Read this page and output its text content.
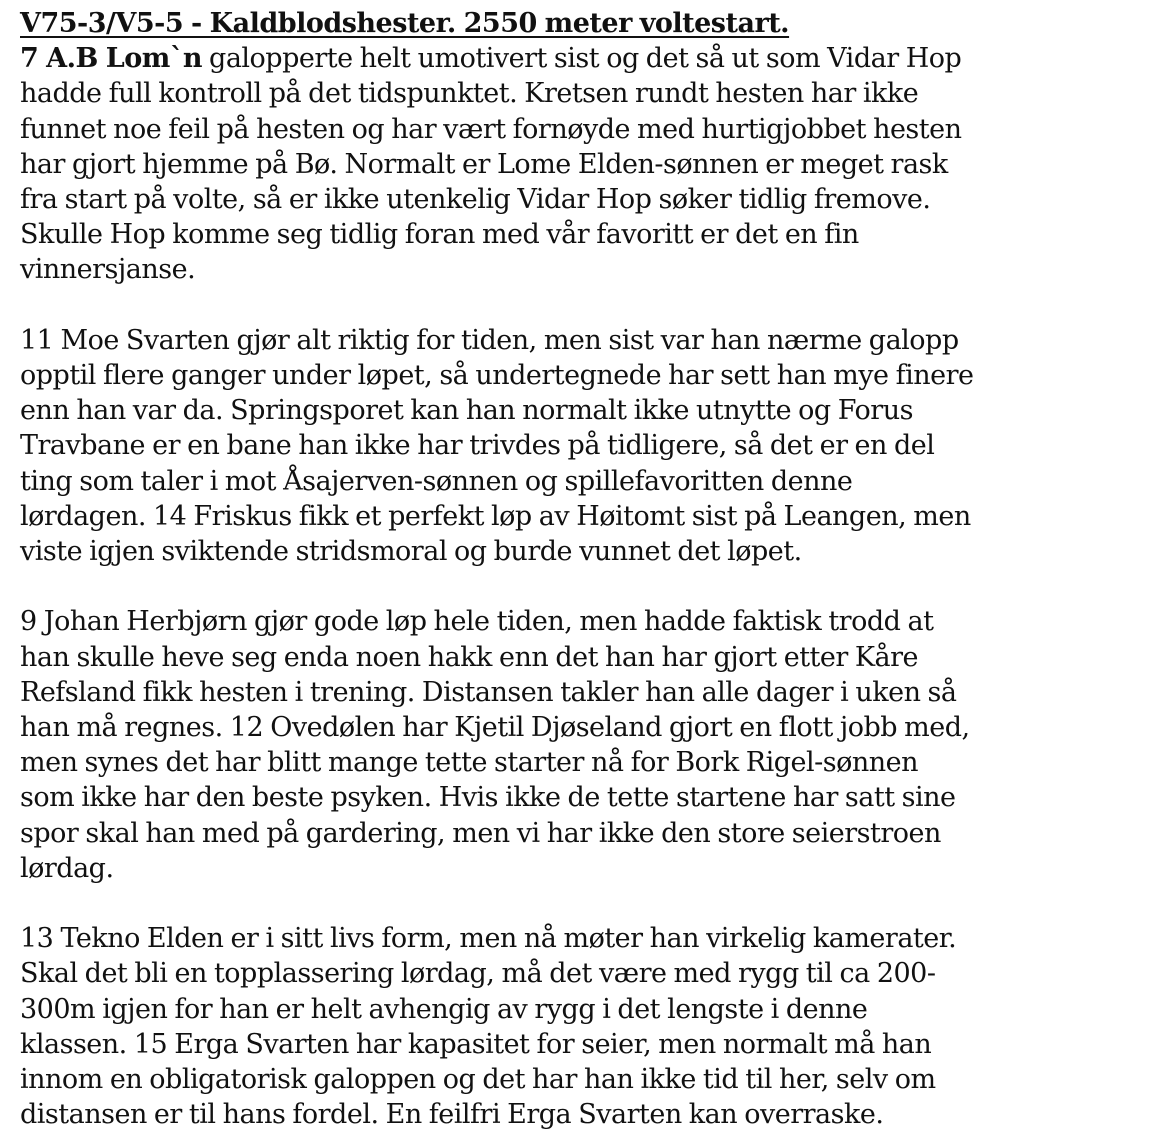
V75-3/V5-5 - Kaldblodshester. 2550 meter voltestart.
7 A.B Lom`n galopperte helt umotivert sist og det så ut som Vidar Hop
hadde full kontroll på det tidspunktet. Kretsen rundt hesten har ikke
funnet noe feil på hesten og har vært fornøyde med hurtigjobbet hesten
har gjort hjemme på Bø. Normalt er Lome Elden-sønnen er meget rask
fra start på volte, så er ikke utenkelig Vidar Hop søker tidlig fremove.
Skulle Hop komme seg tidlig foran med vår favoritt er det en fin
vinnersjanse.
11 Moe Svarten gjør alt riktig for tiden, men sist var han nærme galopp
opptil flere ganger under løpet, så undertegnede har sett han mye finere
enn han var da. Springsporet kan han normalt ikke utnytte og Forus
Travbane er en bane han ikke har trivdes på tidligere, så det er en del
ting som taler i mot Åsajerven-sønnen og spillefavoritten denne
lørdagen. 14 Friskus fikk et perfekt løp av Høitomt sist på Leangen, men
viste igjen sviktende stridsmoral og burde vunnet det løpet.
9 Johan Herbjørn gjør gode løp hele tiden, men hadde faktisk trodd at
han skulle heve seg enda noen hakk enn det han har gjort etter Kåre
Refsland fikk hesten i trening. Distansen takler han alle dager i uken så
han må regnes. 12 Ovedølen har Kjetil Djøseland gjort en flott jobb med,
men synes det har blitt mange tette starter nå for Bork Rigel-sønnen
som ikke har den beste psyken. Hvis ikke de tette startene har satt sine
spor skal han med på gardering, men vi har ikke den store seierstroen
lørdag.
13 Tekno Elden er i sitt livs form, men nå møter han virkelig kamerater.
Skal det bli en topplassering lørdag, må det være med rygg til ca 200-
300m igjen for han er helt avhengig av rygg i det lengste i denne
klassen. 15 Erga Svarten har kapasitet for seier, men normalt må han
innom en obligatorisk galoppen og det har han ikke tid til her, selv om
distansen er til hans fordel. En feilfri Erga Svarten kan overraske.
